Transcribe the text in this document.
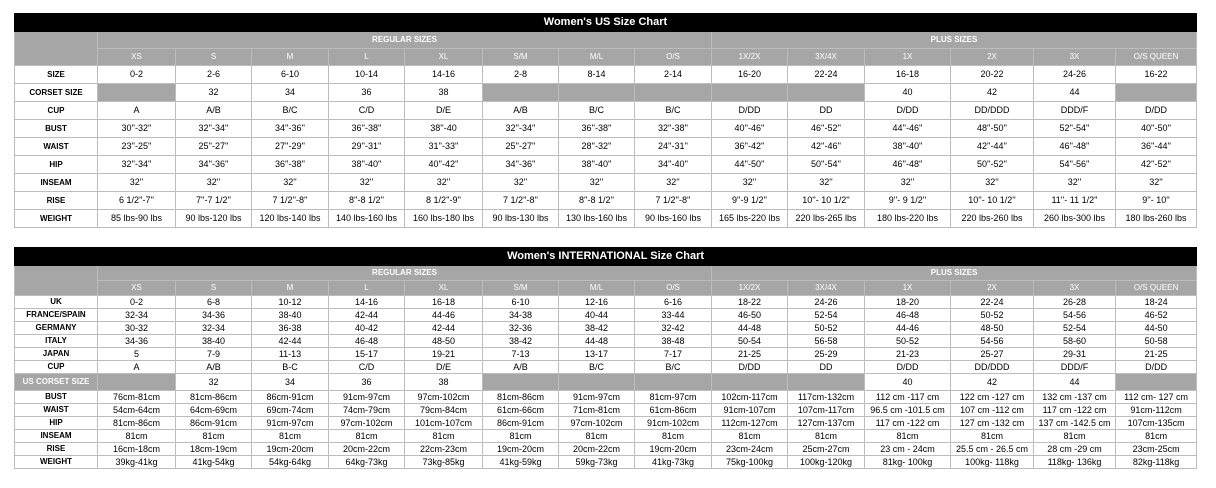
Women's US Size Chart														
	REGULAR SIZES								PLUS SIZES					
	XS	S	M	L	XL	S/M	M/L	O/S	1X/2X	3X/4X	1X	2X	3X	O/S QUEEN
SIZE	0-2	2-6	6-10	10-14	14-16	2-8	8-14	2-14	16-20	22-24	16-18	20-22	24-26	16-22
CORSET SIZE		32	34	36	38						40	42	44	
CUP	A	A/B	B/C	C/D	D/E	A/B	B/C	B/C	D/DD	DD	D/DD	DD/DDD	DDD/F	D/DD
BUST	30''-32''	32''-34''	34''-36''	36''-38''	38''-40	32''-34''	36''-38''	32''-38''	40''-46''	46''-52''	44''-46''	48''-50''	52''-54''	40''-50''
WAIST	23''-25''	25''-27''	27''-29''	29''-31''	31''-33''	25''-27''	28''-32''	24''-31''	36''-42''	42''-46''	38''-40''	42''-44''	46''-48''	36''-44''
HIP	32''-34''	34''-36''	36''-38''	38''-40''	40''-42''	34''-36''	38''-40''	34''-40''	44''-50''	50''-54''	46''-48''	50''-52''	54''-56''	42''-52''
INSEAM	32''	32''	32''	32''	32''	32''	32''	32''	32''	32''	32''	32''	32''	32''
RISE	6 1/2''-7''	7''-7 1/2''	7 1/2''-8''	8''-8 1/2''	8 1/2''-9''	7 1/2''-8''	8''-8 1/2''	7 1/2''-8''	9''-9 1/2''	10''- 10 1/2''	9''- 9 1/2''	10''- 10 1/2''	11''- 11 1/2''	9''- 10''
WEIGHT	85 lbs-90 lbs	90 lbs-120 lbs	120 lbs-140 lbs	140 lbs-160 lbs	160 lbs-180 lbs	90 lbs-130 lbs	130 lbs-160 lbs	90 lbs-160 lbs	165 lbs-220 lbs	220 lbs-265 lbs	180 lbs-220 lbs	220 lbs-260 lbs	260 lbs-300 lbs	180 lbs-260 lbs
Women's INTERNATIONAL Size Chart														
	REGULAR SIZES								PLUS SIZES					
	XS	S	M	L	XL	S/M	M/L	O/S	1X/2X	3X/4X	1X	2X	3X	O/S QUEEN
UK	0-2	6-8	10-12	14-16	16-18	6-10	12-16	6-16	18-22	24-26	18-20	22-24	26-28	18-24
FRANCE/SPAIN	32-34	34-36	38-40	42-44	44-46	34-38	40-44	33-44	46-50	52-54	46-48	50-52	54-56	46-52
GERMANY	30-32	32-34	36-38	40-42	42-44	32-36	38-42	32-42	44-48	50-52	44-46	48-50	52-54	44-50
ITALY	34-36	38-40	42-44	46-48	48-50	38-42	44-48	38-48	50-54	56-58	50-52	54-56	58-60	50-58
JAPAN	5	7-9	11-13	15-17	19-21	7-13	13-17	7-17	21-25	25-29	21-23	25-27	29-31	21-25
CUP	A	A/B	B-C	C/D	D/E	A/B	B/C	B/C	D/DD	DD	D/DD	DD/DDD	DDD/F	D/DD
US CORSET SIZE		32	34	36	38						40	42	44	
BUST	76cm-81cm	81cm-86cm	86cm-91cm	91cm-97cm	97cm-102cm	81cm-86cm	91cm-97cm	81cm-97cm	102cm-117cm	117cm-132cm	112 cm -117 cm	122 cm -127 cm	132 cm -137 cm	112 cm- 127 cm
WAIST	54cm-64cm	64cm-69cm	69cm-74cm	74cm-79cm	79cm-84cm	61cm-66cm	71cm-81cm	61cm-86cm	91cm-107cm	107cm-117cm	96.5 cm -101.5 cm	107 cm -112 cm	117 cm -122 cm	91cm-112cm
HIP	81cm-86cm	86cm-91cm	91cm-97cm	97cm-102cm	101cm-107cm	86cm-91cm	97cm-102cm	91cm-102cm	112cm-127cm	127cm-137cm	117 cm -122 cm	127 cm -132 cm	137 cm -142.5 cm	107cm-135cm
INSEAM	81cm	81cm	81cm	81cm	81cm	81cm	81cm	81cm	81cm	81cm	81cm	81cm	81cm	81cm
RISE	16cm-18cm	18cm-19cm	19cm-20cm	20cm-22cm	22cm-23cm	19cm-20cm	20cm-22cm	19cm-20cm	23cm-24cm	25cm-27cm	23 cm - 24cm	25.5 cm - 26.5 cm	28 cm -29 cm	23cm-25cm
WEIGHT	39kg-41kg	41kg-54kg	54kg-64kg	64kg-73kg	73kg-85kg	41kg-59kg	59kg-73kg	41kg-73kg	75kg-100kg	100kg-120kg	81kg- 100kg	100kg- 118kg	118kg- 136kg	82kg-118kg
